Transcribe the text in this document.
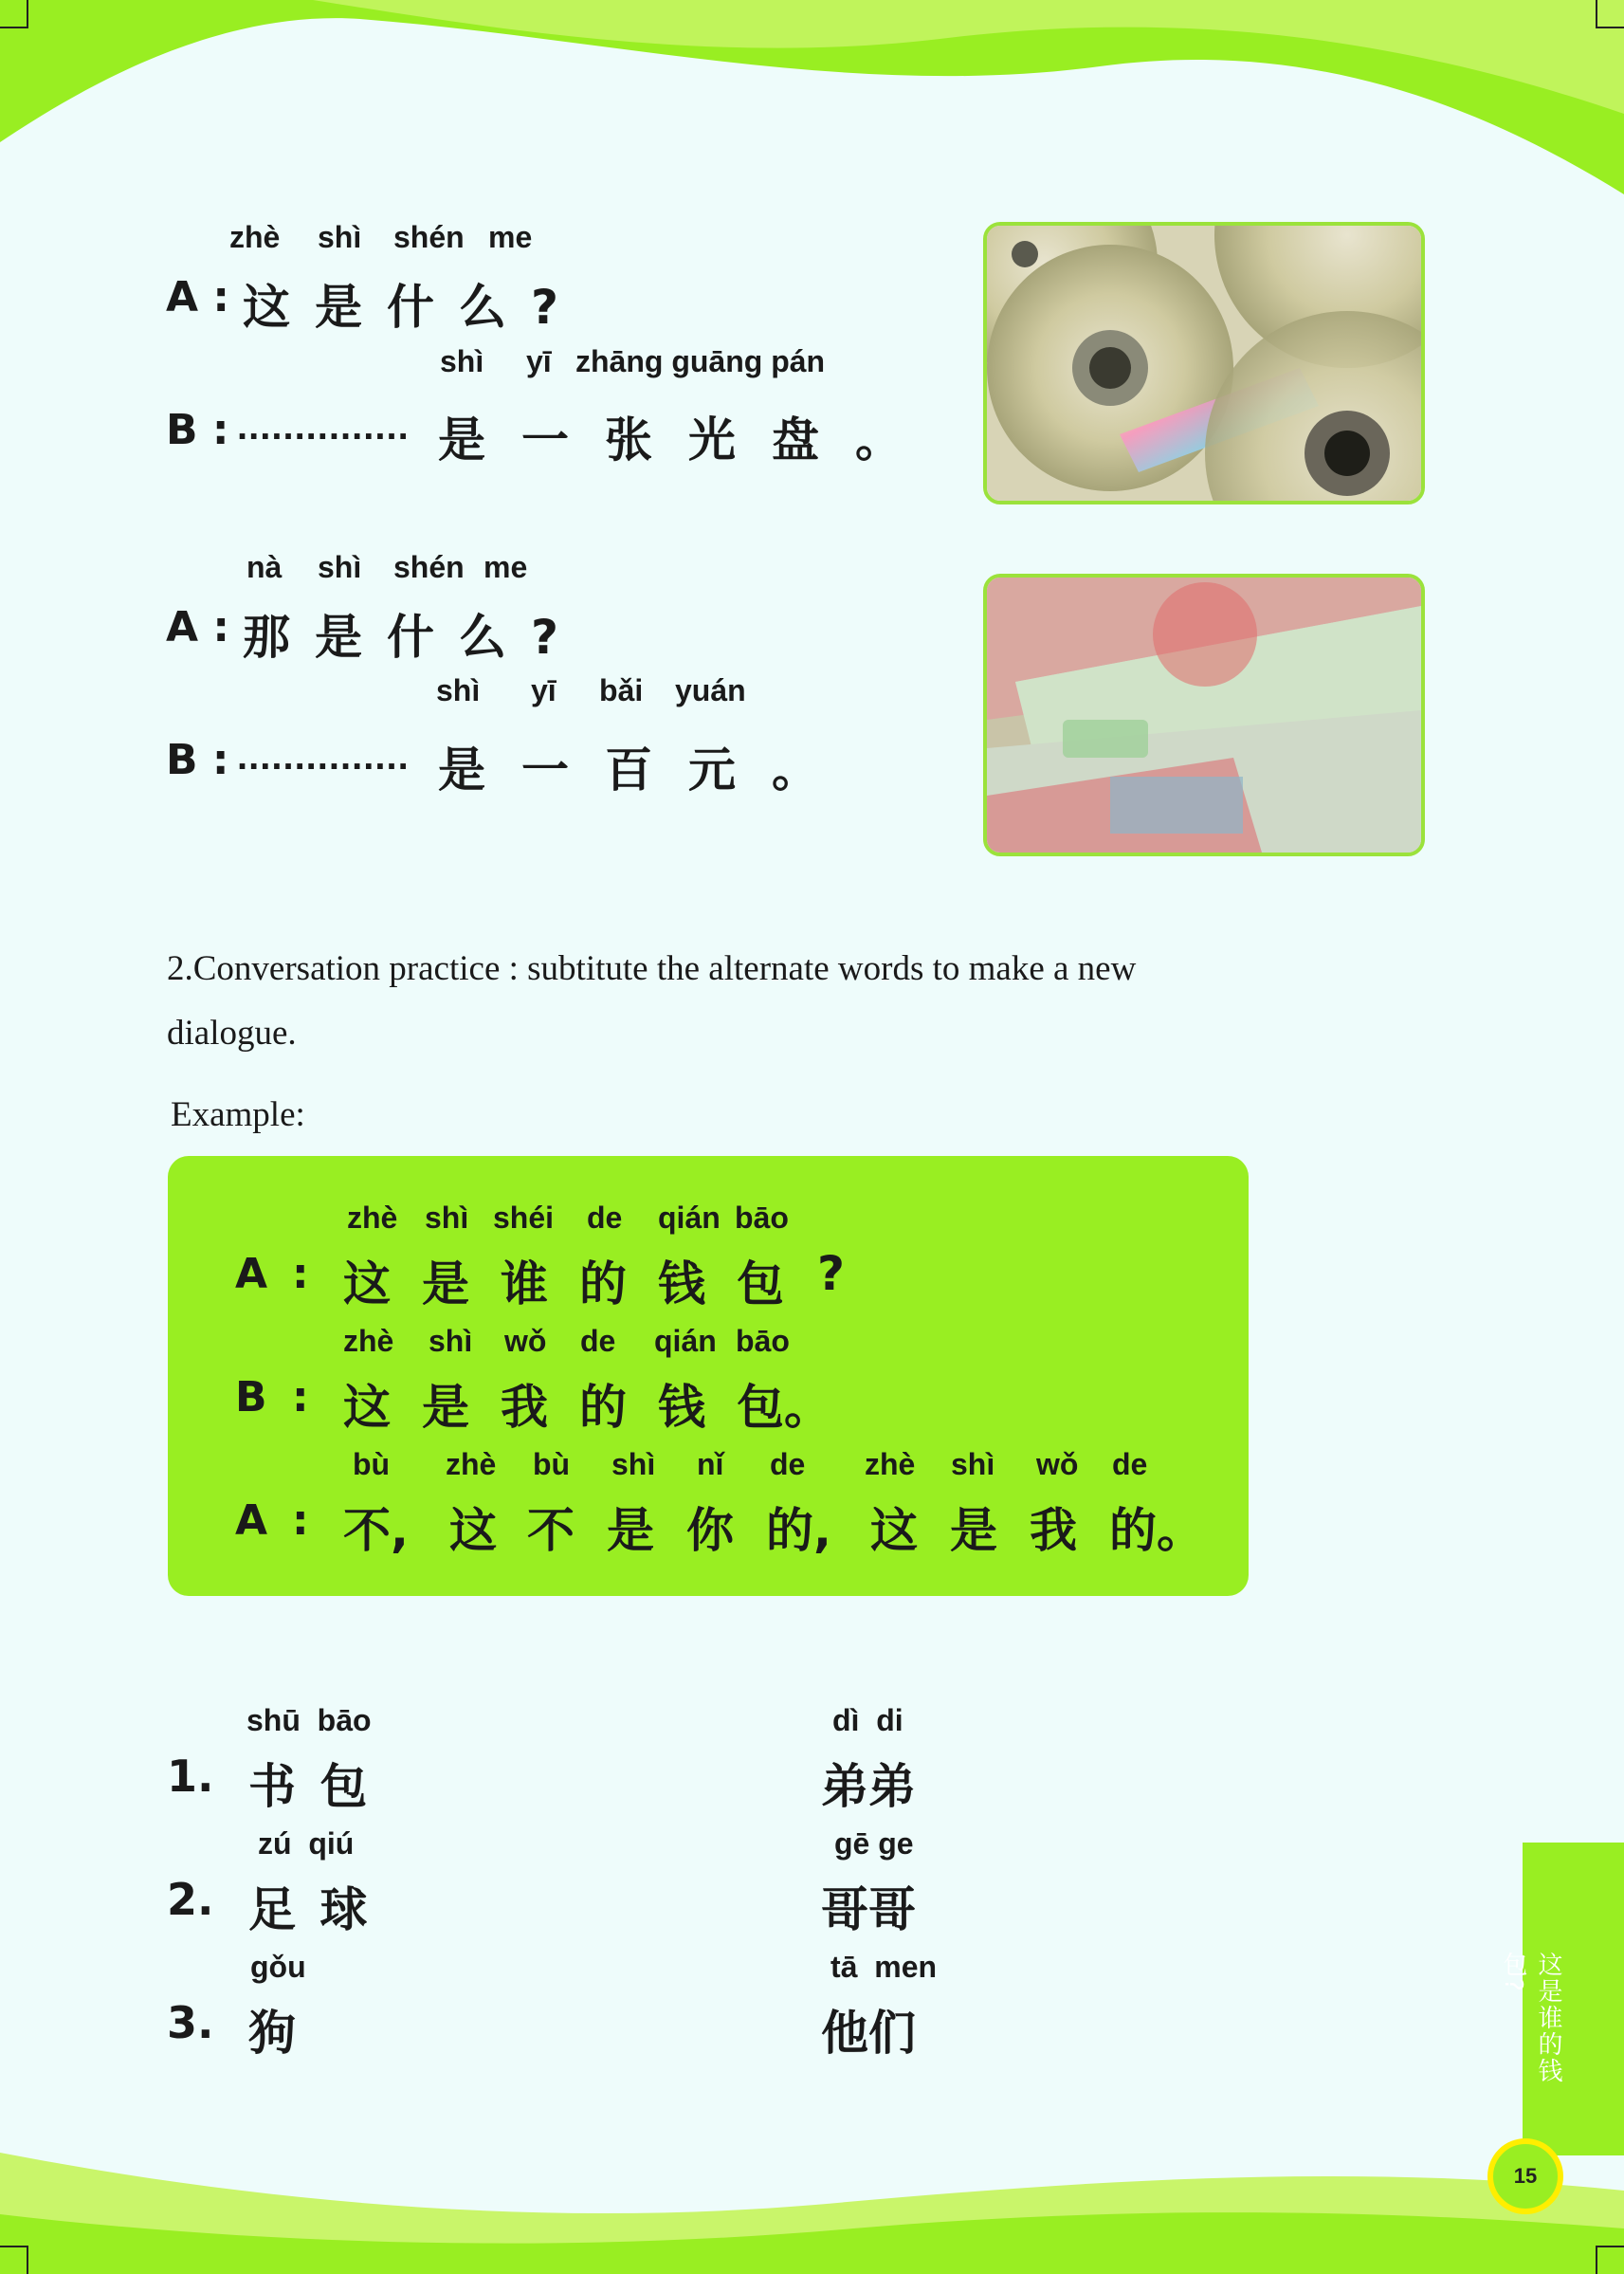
zhè shì shén me
A : 这是什么?
shì yī zhāng guāng pán
B : ............... 是一张光盘。
nà shì shén me
A : 那是什么?
shì yī bǎi yuán
B : ............... 是一百元。
2.Conversation practice : subtitute the alternate words to make a new
dialogue.
Example:
zhè shì shéi de qián bāo
A : 这 是 谁 的 钱 包 ?
zhè shì wǒ de qián bāo
B : 这 是 我 的 钱 包。
bù zhè bù shì nǐ de zhè shì wǒ de
A : 不, 这 不 是 你 的, 这 是 我 的。
shū  bāo
1. 书 包
dì  di
弟弟
zú  qiú
2. 足 球
gē ge
哥哥
gǒu
3. 狗
tā  men
他们	这是谁的钱包?
15
